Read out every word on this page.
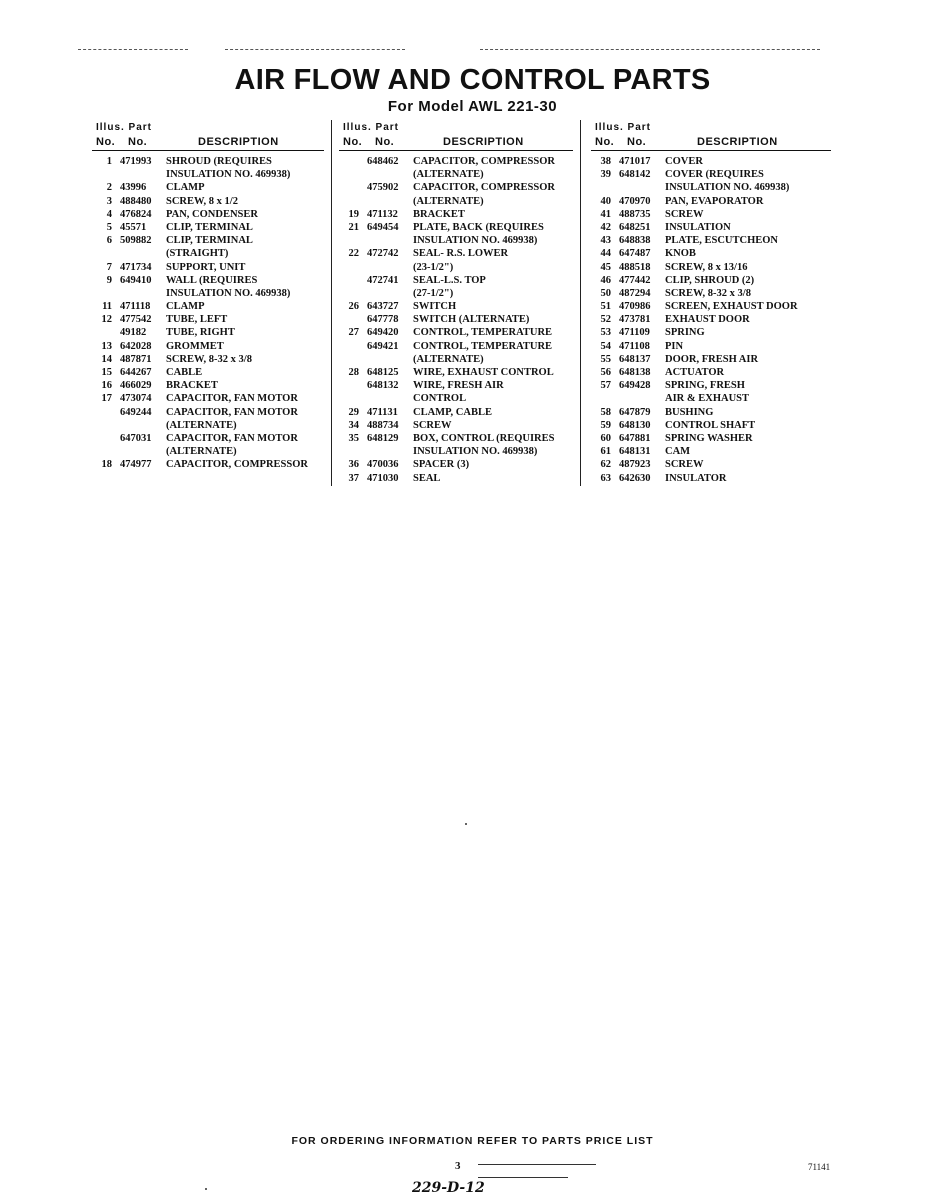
AIR FLOW AND CONTROL PARTS
For Model AWL 221-30
Illus. Part
No. No.	DESCRIPTION
1 471993 SHROUD (REQUIRES
INSULATION NO. 469938)
2 43996 CLAMP
3 488480 SCREW, 8 x 1/2
4 476824 PAN, CONDENSER
5 45571 CLIP, TERMINAL
6 509882 CLIP, TERMINAL
(STRAIGHT)
7 471734 SUPPORT, UNIT
9 649410 WALL (REQUIRES
INSULATION NO. 469938)
11 471118 CLAMP
12 477542 TUBE, LEFT
49182 TUBE, RIGHT
13 642028 GROMMET
14 487871 SCREW, 8-32 x 3/8
15 644267 CABLE
16 466029 BRACKET
17 473074 CAPACITOR, FAN MOTOR
649244 CAPACITOR, FAN MOTOR
(ALTERNATE)
647031 CAPACITOR, FAN MOTOR
(ALTERNATE)
18 474977 CAPACITOR, COMPRESSOR
Illus. Part
No. No.	DESCRIPTION
648462 CAPACITOR, COMPRESSOR
(ALTERNATE)
475902 CAPACITOR, COMPRESSOR
(ALTERNATE)
19 471132 BRACKET
21 649454 PLATE, BACK (REQUIRES
INSULATION NO. 469938)
22 472742 SEAL- R.S. LOWER
(23-1/2")
472741 SEAL-L.S. TOP
(27-1/2")
26 643727 SWITCH
647778 SWITCH (ALTERNATE)
27 649420 CONTROL, TEMPERATURE
649421 CONTROL, TEMPERATURE
(ALTERNATE)
28 648125 WIRE, EXHAUST CONTROL
648132 WIRE, FRESH AIR
CONTROL
29 471131 CLAMP, CABLE
34 488734 SCREW
35 648129 BOX, CONTROL (REQUIRES
INSULATION NO. 469938)
36 470036 SPACER (3)
37 471030 SEAL
Illus. Part
No. No.	DESCRIPTION
38 471017 COVER
39 648142 COVER (REQUIRES
INSULATION NO. 469938)
40 470970 PAN, EVAPORATOR
41 488735 SCREW
42 648251 INSULATION
43 648838 PLATE, ESCUTCHEON
44 647487 KNOB
45 488518 SCREW, 8 x 13/16
46 477442 CLIP, SHROUD (2)
50 487294 SCREW, 8-32 x 3/8
51 470986 SCREEN, EXHAUST DOOR
52 473781 EXHAUST DOOR
53 471109 SPRING
54 471108 PIN
55 648137 DOOR, FRESH AIR
56 648138 ACTUATOR
57 649428 SPRING, FRESH
AIR & EXHAUST
58 647879 BUSHING
59 648130 CONTROL SHAFT
60 647881 SPRING WASHER
61 648131 CAM
62 487923 SCREW
63 642630 INSULATOR
FOR ORDERING INFORMATION REFER TO PARTS PRICE LIST
3	71141
229-D-12
